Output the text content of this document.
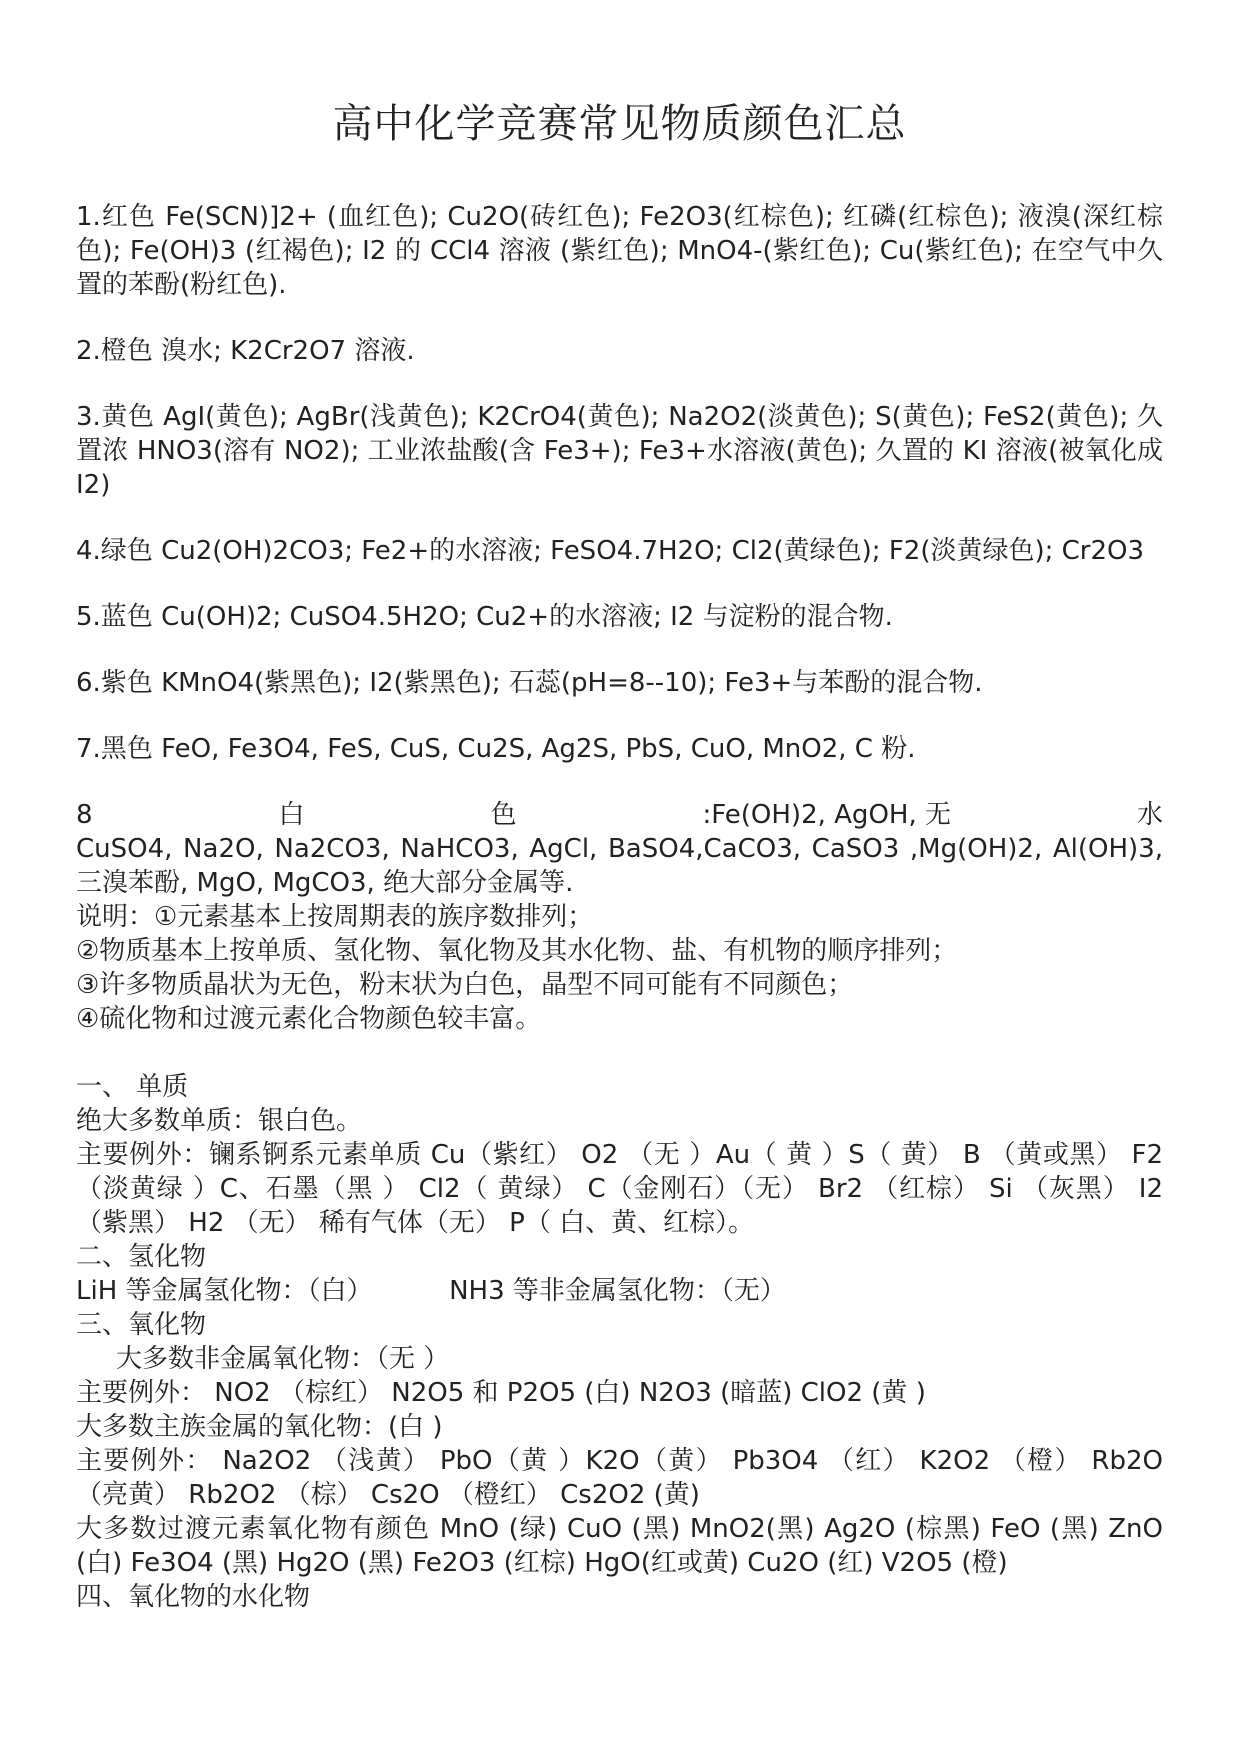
高中化学竞赛常见物质颜色汇总

1.红色 Fe(SCN)]2+ (血红色); Cu2O(砖红色); Fe2O3(红棕色); 红磷(红棕色); 液溴(深红棕色); Fe(OH)3 (红褐色); I2 的 CCl4 溶液 (紫红色); MnO4-(紫红色); Cu(紫红色); 在空气中久置的苯酚(粉红色).

2.橙色 溴水; K2Cr2O7 溶液.

3.黄色 AgI(黄色); AgBr(浅黄色); K2CrO4(黄色); Na2O2(淡黄色); S(黄色); FeS2(黄色); 久置浓 HNO3(溶有 NO2); 工业浓盐酸(含 Fe3+); Fe3+水溶液(黄色); 久置的 KI 溶液(被氧化成 I2)

4.绿色 Cu2(OH)2CO3; Fe2+的水溶液; FeSO4.7H2O; Cl2(黄绿色); F2(淡黄绿色); Cr2O3

5.蓝色 Cu(OH)2; CuSO4.5H2O; Cu2+的水溶液; I2 与淀粉的混合物.

6.紫色 KMnO4(紫黑色); I2(紫黑色); 石蕊(pH=8--10); Fe3+与苯酚的混合物.

7.黑色 FeO, Fe3O4, FeS, CuS, Cu2S, Ag2S, PbS, CuO, MnO2, C 粉.

8	白	色	:Fe(OH)2, AgOH, 无	水

CuSO4, Na2O, Na2CO3, NaHCO3, AgCl, BaSO4,CaCO3, CaSO3 ,Mg(OH)2, Al(OH)3, 三溴苯酚, MgO, MgCO3, 绝大部分金属等.

说明：①元素基本上按周期表的族序数排列；

②物质基本上按单质、氢化物、氧化物及其水化物、盐、有机物的顺序排列；

③许多物质晶状为无色，粉末状为白色，晶型不同可能有不同颜色；

④硫化物和过渡元素化合物颜色较丰富。

一、 单质

绝大多数单质：银白色。

主要例外：镧系锕系元素单质 Cu（紫红） O2 （无 ）Au（ 黄 ）S（ 黄） B （黄或黑） F2 （淡黄绿 ）C、石墨（黑 ） Cl2（ 黄绿） C（金刚石）（无） Br2 （红棕） Si （灰黑） I2 （紫黑） H2 （无） 稀有气体（无） P（ 白、黄、红棕）。

二、氢化物

LiH 等金属氢化物：（白）	NH3 等非金属氢化物：（无）

三、氧化物

大多数非金属氧化物：（无 ）

主要例外： NO2 （棕红） N2O5 和 P2O5 (白) N2O3 (暗蓝) ClO2 (黄 )

大多数主族金属的氧化物：(白 )

主要例外： Na2O2 （浅黄） PbO（黄 ）K2O（黄） Pb3O4 （红） K2O2 （橙） Rb2O （亮黄） Rb2O2 （棕） Cs2O （橙红） Cs2O2 (黄)

大多数过渡元素氧化物有颜色 MnO (绿) CuO (黑) MnO2(黑) Ag2O (棕黑) FeO (黑) ZnO (白) Fe3O4 (黑) Hg2O (黑) Fe2O3 (红棕) HgO(红或黄) Cu2O (红) V2O5 (橙)

四、氧化物的水化物
